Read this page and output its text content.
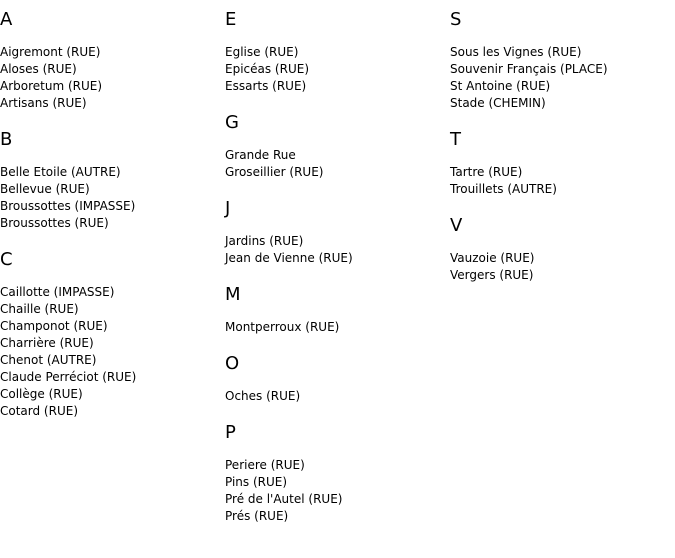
A
Aigremont (RUE)
Aloses (RUE)
Arboretum (RUE)
Artisans (RUE)
B
Belle Etoile (AUTRE)
Bellevue (RUE)
Broussottes (IMPASSE)
Broussottes (RUE)
C
Caillotte (IMPASSE)
Chaille (RUE)
Champonot (RUE)
Charrière (RUE)
Chenot (AUTRE)
Claude Perréciot (RUE)
Collège (RUE)
Cotard (RUE)
E
Eglise (RUE)
Epicéas (RUE)
Essarts (RUE)
G
Grande Rue
Groseillier (RUE)
J
Jardins (RUE)
Jean de Vienne (RUE)
M
Montperroux (RUE)
O
Oches (RUE)
P
Periere (RUE)
Pins (RUE)
Pré de l'Autel (RUE)
Prés (RUE)
S
Sous les Vignes (RUE)
Souvenir Français (PLACE)
St Antoine (RUE)
Stade (CHEMIN)
T
Tartre (RUE)
Trouillets (AUTRE)
V
Vauzoie (RUE)
Vergers (RUE)
